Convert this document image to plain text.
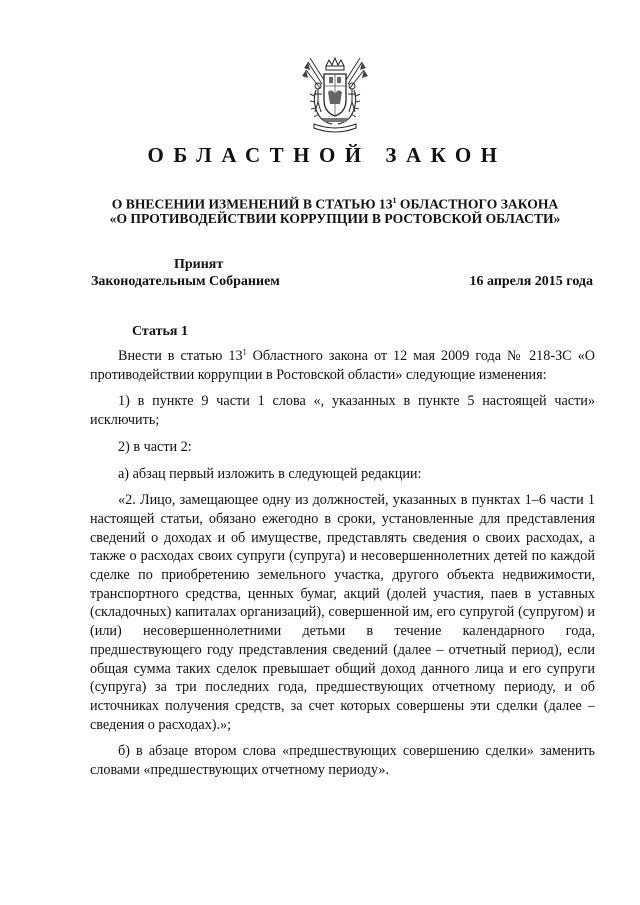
ОБЛАСТНОЙ ЗАКОН
О ВНЕСЕНИИ ИЗМЕНЕНИЙ В СТАТЬЮ $13^1$ ОБЛАСТНОГО ЗАКОНА
«О ПРОТИВОДЕЙСТВИИ КОРРУПЦИИ В РОСТОВСКОЙ ОБЛАСТИ»
Принят
Законодательным Собранием	16 апреля 2015 года
Статья 1

Внести в статью $13^1$ Областного закона от 12 мая 2009 года № 218-ЗС «О противодействии коррупции в Ростовской области» следующие изменения:

1) в пункте 9 части 1 слова «, указанных в пункте 5 настоящей части» исключить;

2) в части 2:

а) абзац первый изложить в следующей редакции:

«2. Лицо, замещающее одну из должностей, указанных в пунктах 1–6 части 1 настоящей статьи, обязано ежегодно в сроки, установленные для представления сведений о доходах и об имуществе, представлять сведения о своих расходах, а также о расходах своих супруги (супруга) и несовершеннолетних детей по каждой сделке по приобретению земельного участка, другого объекта недвижимости, транспортного средства, ценных бумаг, акций (долей участия, паев в уставных (складочных) капиталах организаций), совершенной им, его супругой (супругом) и (или) несовершеннолетними детьми в течение календарного года, предшествующего году представления сведений (далее – отчетный период), если общая сумма таких сделок превышает общий доход данного лица и его супруги (супруга) за три последних года, предшествующих отчетному периоду, и об источниках получения средств, за счет которых совершены эти сделки (далее – сведения о расходах).»;

б) в абзаце втором слова «предшествующих совершению сделки» заменить словами «предшествующих отчетному периоду».
